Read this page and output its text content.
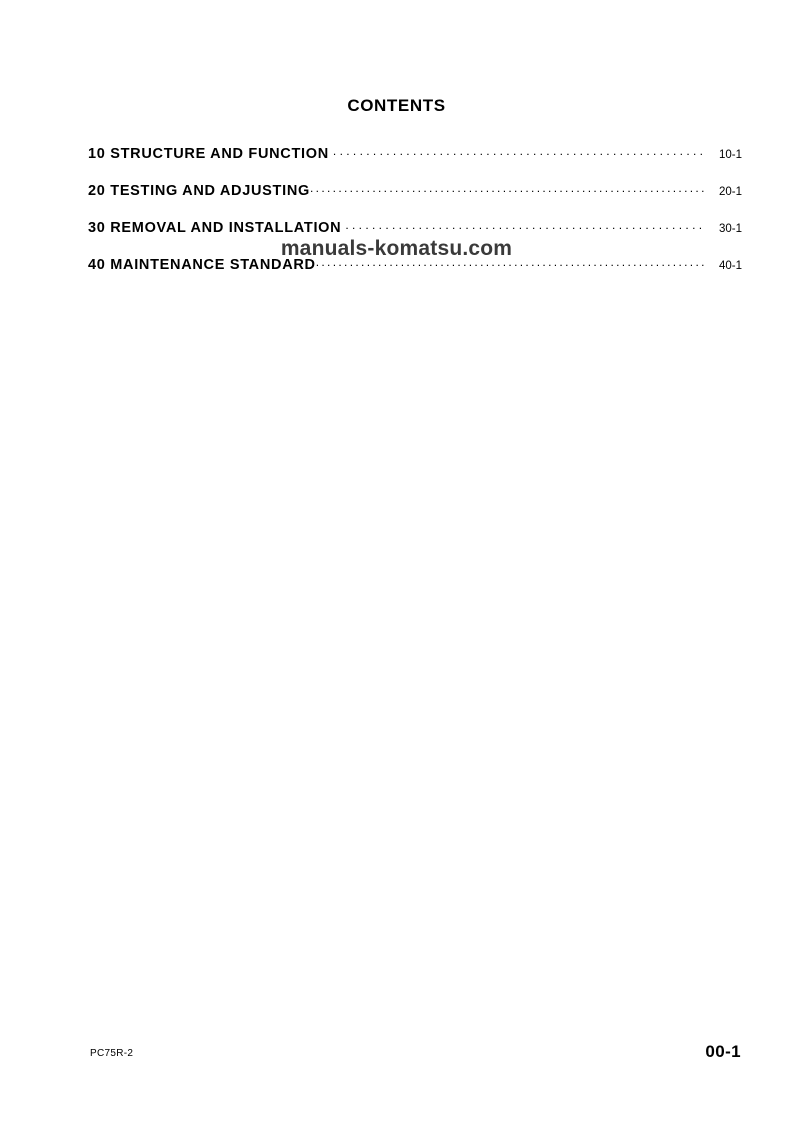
CONTENTS
10 STRUCTURE AND FUNCTION . . .	10-1
20 TESTING AND ADJUSTING . . .	20-1
30 REMOVAL AND INSTALLATION . . .	30-1
40 MAINTENANCE STANDARD . . .	40-1
manuals-komatsu.com
PC75R-2	00-1
